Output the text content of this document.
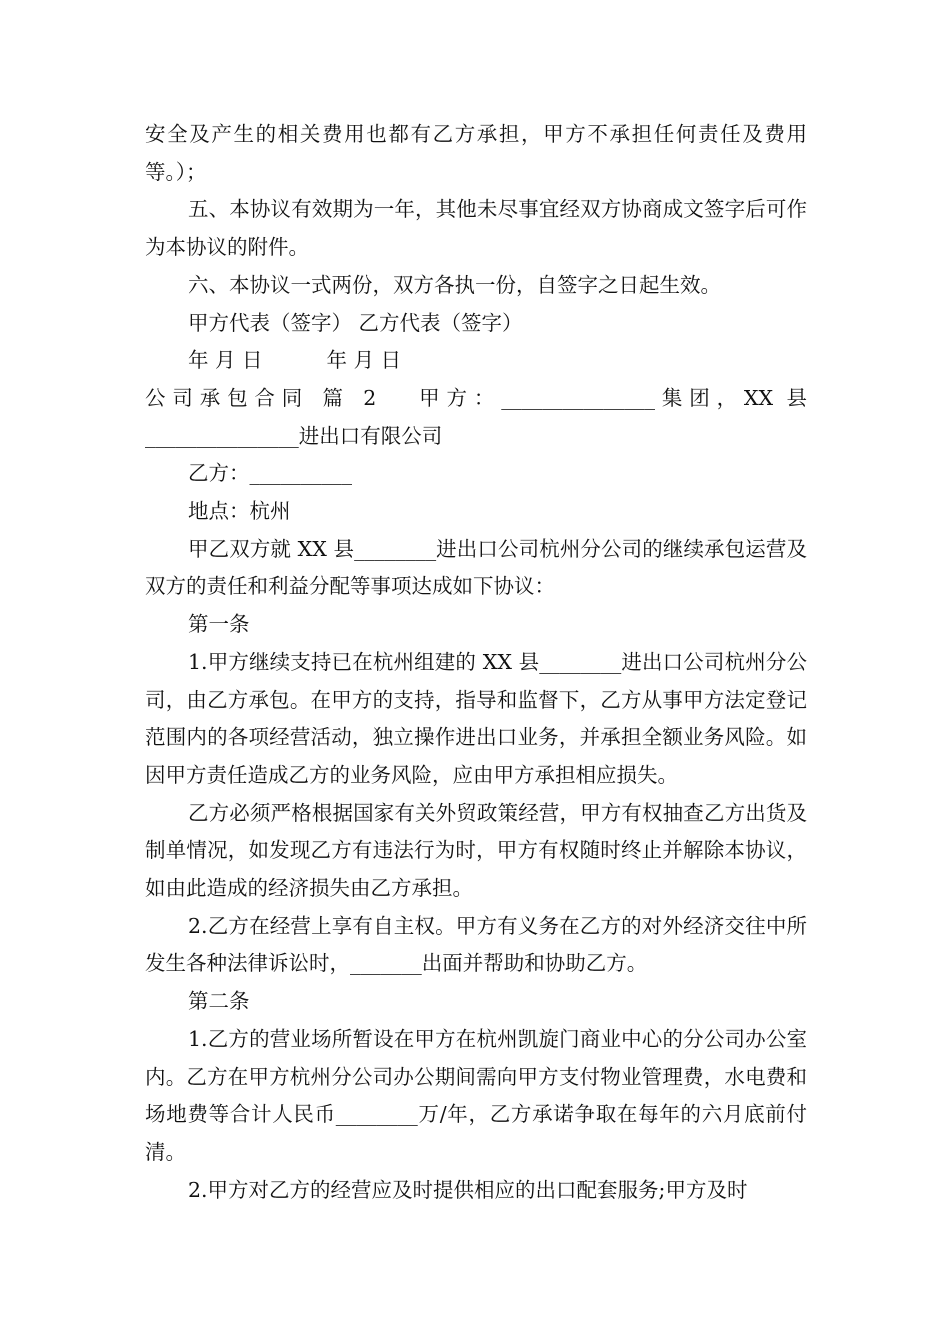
安全及产生的相关费用也都有乙方承担，甲方不承担任何责任及费用等。）；

五、本协议有效期为一年，其他未尽事宜经双方协商成文签字后可作为本协议的附件。

六、本协议一式两份，双方各执一份，自签字之日起生效。

甲方代表（签字） 乙方代表（签字）

年 月 日	年 月 日

公司承包合同 篇 2 甲方：_______________集团，XX 县_______________进出口有限公司

乙方：__________

地点：杭州

甲乙双方就 XX 县________进出口公司杭州分公司的继续承包运营及双方的责任和利益分配等事项达成如下协议：

第一条

1.甲方继续支持已在杭州组建的 XX 县________进出口公司杭州分公司，由乙方承包。在甲方的支持，指导和监督下，乙方从事甲方法定登记范围内的各项经营活动，独立操作进出口业务，并承担全额业务风险。如因甲方责任造成乙方的业务风险，应由甲方承担相应损失。

乙方必须严格根据国家有关外贸政策经营，甲方有权抽查乙方出货及制单情况，如发现乙方有违法行为时，甲方有权随时终止并解除本协议，如由此造成的经济损失由乙方承担。

2.乙方在经营上享有自主权。甲方有义务在乙方的对外经济交往中所发生各种法律诉讼时，_______出面并帮助和协助乙方。

第二条

1.乙方的营业场所暂设在甲方在杭州凯旋门商业中心的分公司办公室内。乙方在甲方杭州分公司办公期间需向甲方支付物业管理费，水电费和场地费等合计人民币________万/年，乙方承诺争取在每年的六月底前付清。

2.甲方对乙方的经营应及时提供相应的出口配套服务;甲方及时
